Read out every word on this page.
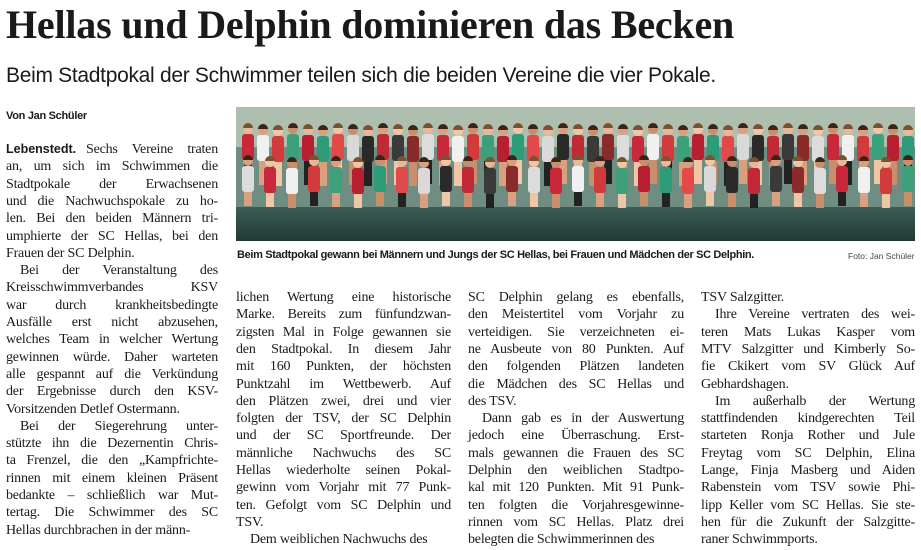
Hellas und Delphin dominieren das Becken
Beim Stadtpokal der Schwimmer teilen sich die beiden Vereine die vier Pokale.
Von Jan Schüler
Beim Stadtpokal gewann bei Männern und Jungs der SC Hellas, bei Frauen und Mädchen der SC Delphin.	Foto: Jan Schüler
Sechs Vereine traten
an, um sich im Schwimmen die
Stadtpokale der Erwachsenen
und die Nachwuchspokale zu ho-
len. Bei den beiden Männern tri-
umphierte der SC Hellas, bei den
Frauen der SC Delphin.
Bei der Veranstaltung des
Kreisschwimmverbandes KSV
war durch krankheitsbedingte
Ausfälle erst nicht abzusehen,
welches Team in welcher Wertung
gewinnen würde. Daher warteten
alle gespannt auf die Verkündung
der Ergebnisse durch den KSV-
Vorsitzenden Detlef Ostermann.
Bei der Siegerehrung unter-
stützte ihn die Dezernentin Chris-
ta Frenzel, die den „Kampfrichte-
rinnen mit einem kleinen Präsent
bedankte – schließlich war Mut-
tertag. Die Schwimmer des SC
Hellas durchbrachen in der männ-
lichen Wertung eine historische
Marke. Bereits zum fünfundzwan-
zigsten Mal in Folge gewannen sie
den Stadtpokal. In diesem Jahr
mit 160 Punkten, der höchsten
Punktzahl im Wettbewerb. Auf
den Plätzen zwei, drei und vier
folgten der TSV, der SC Delphin
und der SC Sportfreunde. Der
männliche Nachwuchs des SC
Hellas wiederholte seinen Pokal-
gewinn vom Vorjahr mit 77 Punk-
ten. Gefolgt vom SC Delphin und
TSV.
Dem weiblichen Nachwuchs des
SC Delphin gelang es ebenfalls,
den Meistertitel vom Vorjahr zu
verteidigen. Sie verzeichneten ei-
ne Ausbeute von 80 Punkten. Auf
den folgenden Plätzen landeten
die Mädchen des SC Hellas und
des TSV.
Dann gab es in der Auswertung
jedoch eine Überraschung. Erst-
mals gewannen die Frauen des SC
Delphin den weiblichen Stadtpo-
kal mit 120 Punkten. Mit 91 Punk-
ten folgten die Vorjahresgewinne-
rinnen vom SC Hellas. Platz drei
belegten die Schwimmerinnen des
TSV Salzgitter.
Ihre Vereine vertraten des wei-
teren Mats Lukas Kasper vom
MTV Salzgitter und Kimberly So-
fie Ckikert vom SV Glück Auf
Gebhardshagen.
Im außerhalb der Wertung
stattfindenden kindgerechten Teil
starteten Ronja Rother und Jule
Freytag vom SC Delphin, Elina
Lange, Finja Masberg und Aiden
Rabenstein vom TSV sowie Phi-
lipp Keller vom SC Hellas. Sie ste-
hen für die Zukunft der Salzgitte-
raner Schwimmports.
Lebenstedt.
